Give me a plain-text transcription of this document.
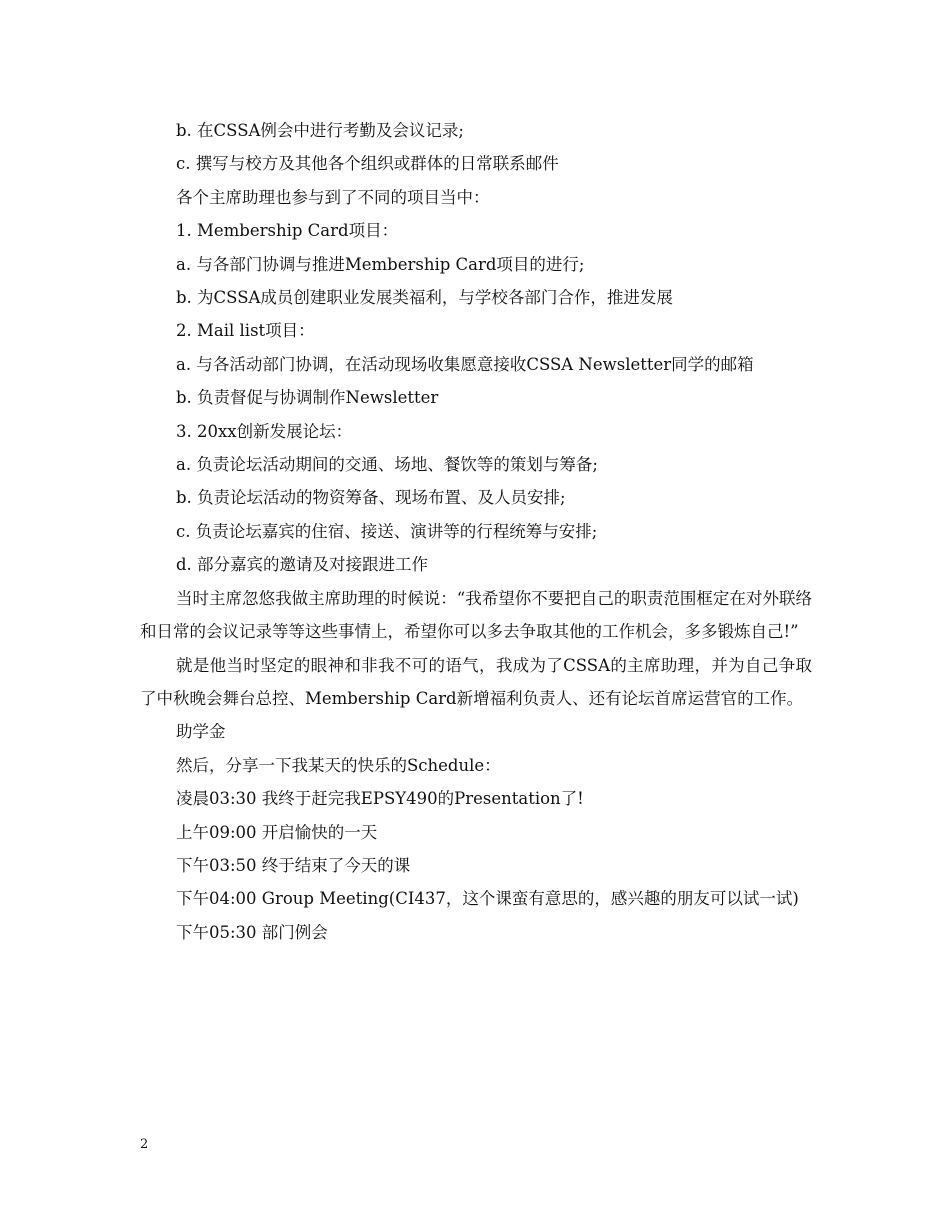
b. 在CSSA例会中进行考勤及会议记录;

c. 撰写与校方及其他各个组织或群体的日常联系邮件

各个主席助理也参与到了不同的项目当中：

1. Membership Card项目：

a. 与各部门协调与推进Membership Card项目的进行;

b. 为CSSA成员创建职业发展类福利，与学校各部门合作，推进发展

2. Mail list项目：

a. 与各活动部门协调，在活动现场收集愿意接收CSSA Newsletter同学的邮箱

b. 负责督促与协调制作Newsletter

3. 20xx创新发展论坛：

a. 负责论坛活动期间的交通、场地、餐饮等的策划与筹备;

b. 负责论坛活动的物资筹备、现场布置、及人员安排;

c. 负责论坛嘉宾的住宿、接送、演讲等的行程统筹与安排;

d. 部分嘉宾的邀请及对接跟进工作

当时主席忽悠我做主席助理的时候说：“我希望你不要把自己的职责范围框定在对外联络和日常的会议记录等等这些事情上，希望你可以多去争取其他的工作机会，多多锻炼自己!”

就是他当时坚定的眼神和非我不可的语气，我成为了CSSA的主席助理，并为自己争取了中秋晚会舞台总控、Membership Card新增福利负责人、还有论坛首席运营官的工作。

助学金

然后，分享一下我某天的快乐的Schedule：

凌晨03:30 我终于赶完我EPSY490的Presentation了!

上午09:00 开启愉快的一天

下午03:50 终于结束了今天的课

下午04:00 Group Meeting(CI437，这个课蛮有意思的，感兴趣的朋友可以试一试)

下午05:30 部门例会

2
